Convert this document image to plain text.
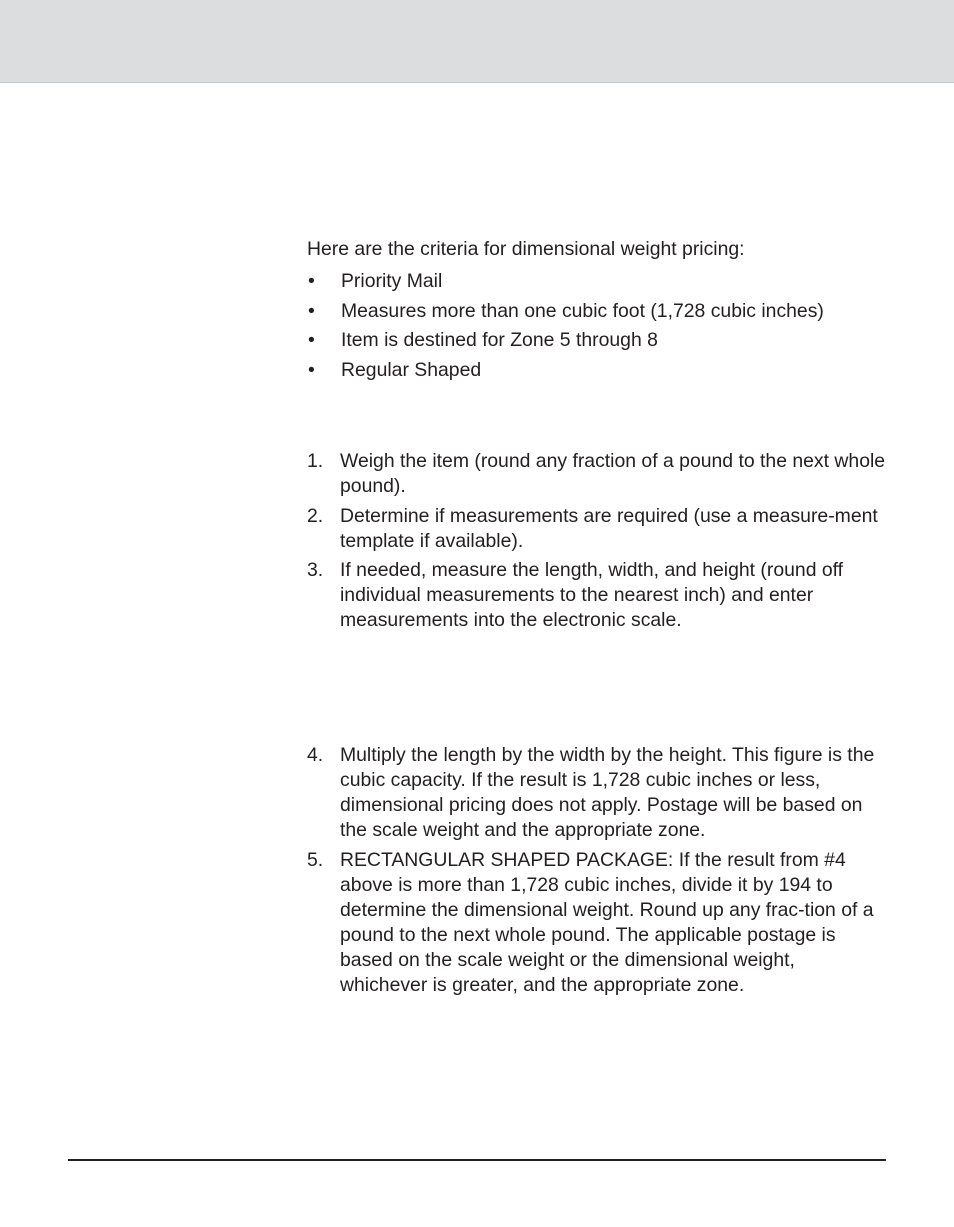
Here are the criteria for dimensional weight pricing:

•	Priority Mail
•	Measures more than one cubic foot (1,728 cubic inches)
•	Item is destined for Zone 5 through 8
•	Regular Shaped
1. Weigh the item (round any fraction of a pound to the next whole pound).
2. Determine if measurements are required (use a measure-ment template if available).
3. If needed, measure the length, width, and height (round off individual measurements to the nearest inch) and enter measurements into the electronic scale.
4. Multiply the length by the width by the height. This figure is the cubic capacity. If the result is 1,728 cubic inches or less, dimensional pricing does not apply. Postage will be based on the scale weight and the appropriate zone.
5. RECTANGULAR SHAPED PACKAGE: If the result from #4 above is more than 1,728 cubic inches, divide it by 194 to determine the dimensional weight. Round up any frac-tion of a pound to the next whole pound. The applicable postage is based on the scale weight or the dimensional weight, whichever is greater, and the appropriate zone.
